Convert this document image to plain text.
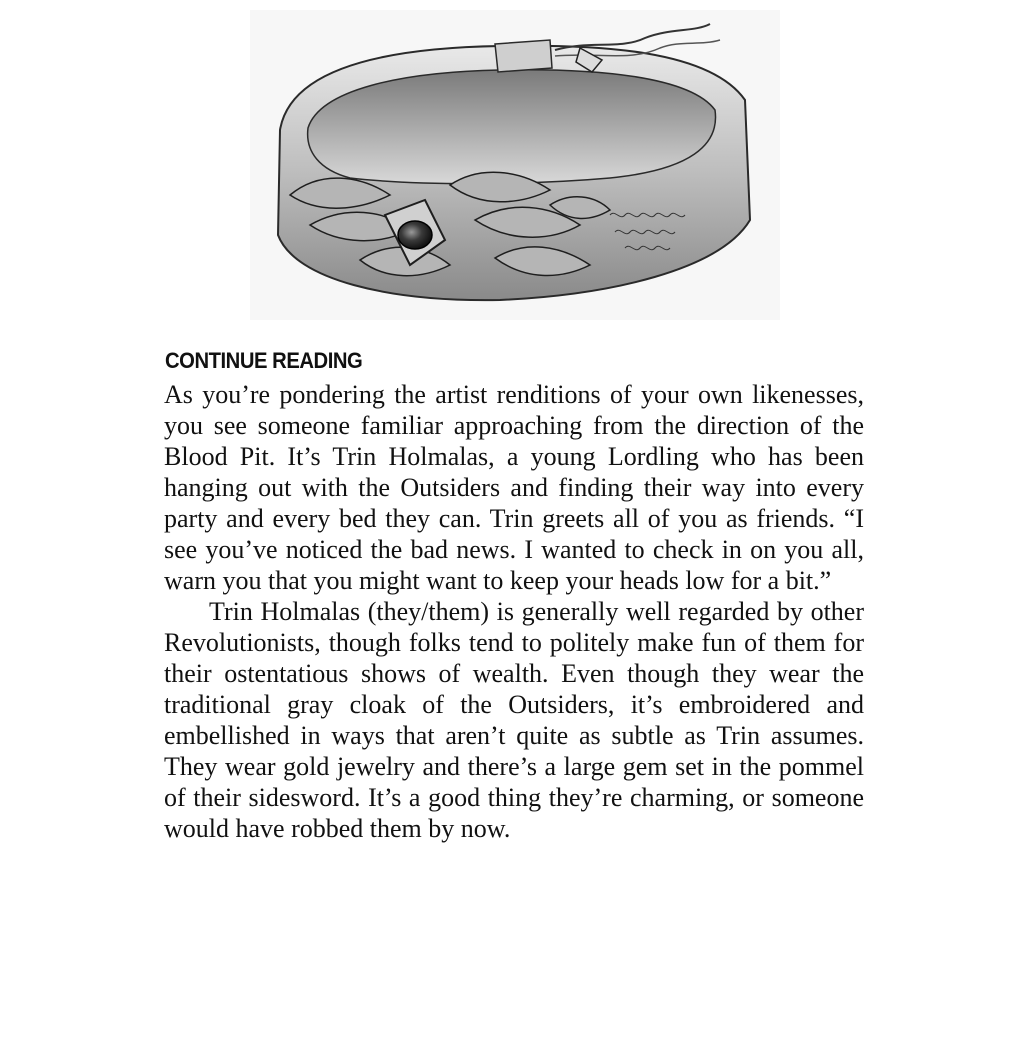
CONTINUE READING

As you’re pondering the artist renditions of your own likenesses, you see someone familiar approaching from the direction of the Blood Pit. It’s Trin Holmalas, a young Lordling who has been hanging out with the Outsiders and finding their way into every party and every bed they can. Trin greets all of you as friends. “I see you’ve noticed the bad news. I wanted to check in on you all, warn you that you might want to keep your heads low for a bit.”

Trin Holmalas (they/them) is generally well regarded by other Revolutionists, though folks tend to politely make fun of them for their ostentatious shows of wealth. Even though they wear the traditional gray cloak of the Outsiders, it’s embroidered and embellished in ways that aren’t quite as subtle as Trin assumes. They wear gold jewelry and there’s a large gem set in the pommel of their sidesword. It’s a good thing they’re charming, or someone would have robbed them by now.
